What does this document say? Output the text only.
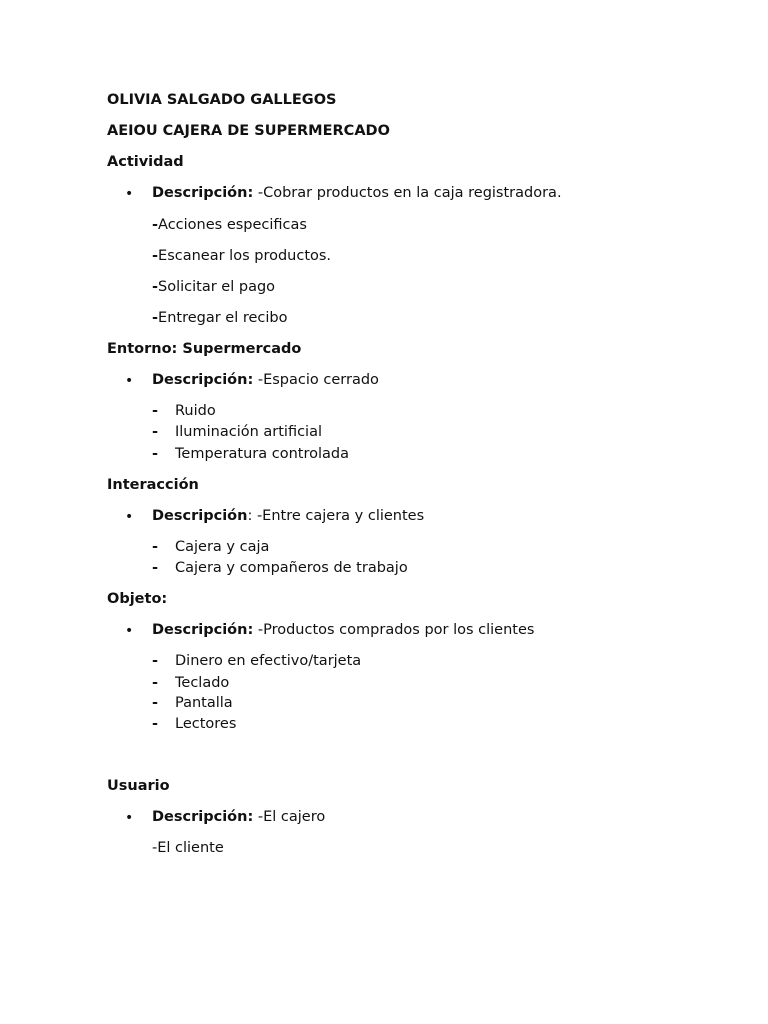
OLIVIA SALGADO GALLEGOS
AEIOU CAJERA DE SUPERMERCADO
Actividad
• Descripción: -Cobrar productos en la caja registradora.
-Acciones especificas
-Escanear los productos.
-Solicitar el pago
-Entregar el recibo
Entorno: Supermercado
• Descripción: -Espacio cerrado
- Ruido
- Iluminación artificial
- Temperatura controlada
Interacción
• Descripción: -Entre cajera y clientes
- Cajera y caja
- Cajera y compañeros de trabajo
Objeto:
• Descripción: -Productos comprados por los clientes
- Dinero en efectivo/tarjeta
- Teclado
- Pantalla
- Lectores
Usuario
• Descripción: -El cajero
-El cliente
